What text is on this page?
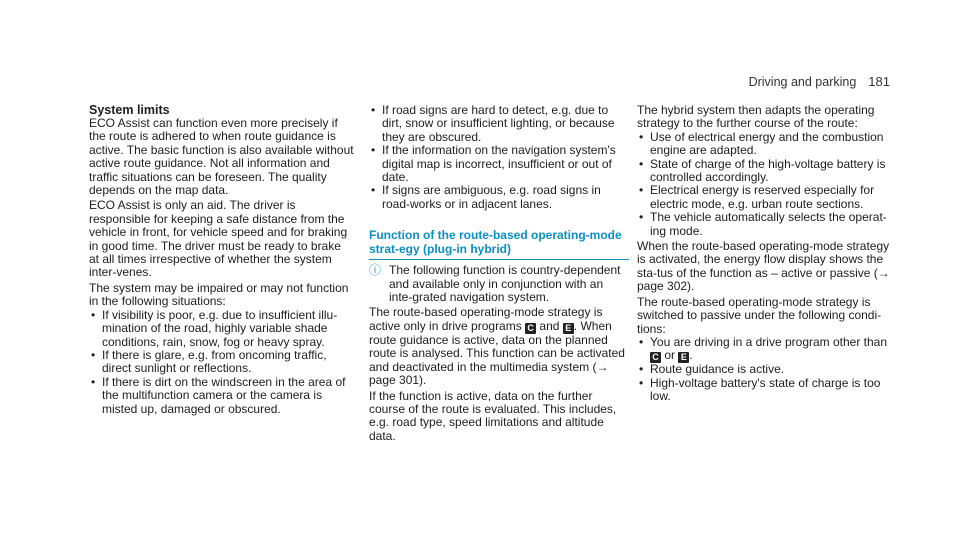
Driving and parking 181

System limits

ECO Assist can function even more precisely if the route is adhered to when route guidance is active. The basic function is also available without active route guidance. Not all information and traffic situations can be foreseen. The quality depends on the map data.

ECO Assist is only an aid. The driver is responsible for keeping a safe distance from the vehicle in front, for vehicle speed and for braking in good time. The driver must be ready to brake at all times irrespective of whether the system inter-venes.

The system may be impaired or may not function in the following situations:

• If visibility is poor, e.g. due to insufficient illu-mination of the road, highly variable shade conditions, rain, snow, fog or heavy spray.
• If there is glare, e.g. from oncoming traffic, direct sunlight or reflections.
• If there is dirt on the windscreen in the area of the multifunction camera or the camera is misted up, damaged or obscured.
• If road signs are hard to detect, e.g. due to dirt, snow or insufficient lighting, or because they are obscured.
• If the information on the navigation system's digital map is incorrect, insufficient or out of date.
• If signs are ambiguous, e.g. road signs in road-works or in adjacent lanes.
Function of the route-based operating-mode strat-egy (plug-in hybrid)
ⓘ The following function is country-dependent and available only in conjunction with an inte-grated navigation system.

The route-based operating-mode strategy is active only in drive programs C and E . When route guidance is active, data on the planned route is analysed. This function can be activated and deactivated in the multimedia system (→ page 301).

If the function is active, data on the further course of the route is evaluated. This includes, e.g. road type, speed limitations and altitude data.

The hybrid system then adapts the operating strategy to the further course of the route:

• Use of electrical energy and the combustion engine are adapted.
• State of charge of the high-voltage battery is controlled accordingly.
• Electrical energy is reserved especially for electric mode, e.g. urban route sections.
• The vehicle automatically selects the operat-ing mode.

When the route-based operating-mode strategy is activated, the energy flow display shows the sta-tus of the function as – active or passive (→ page 302).

The route-based operating-mode strategy is switched to passive under the following condi-tions:

• You are driving in a drive program other than C or E .
• Route guidance is active.
• High-voltage battery's state of charge is too low.
